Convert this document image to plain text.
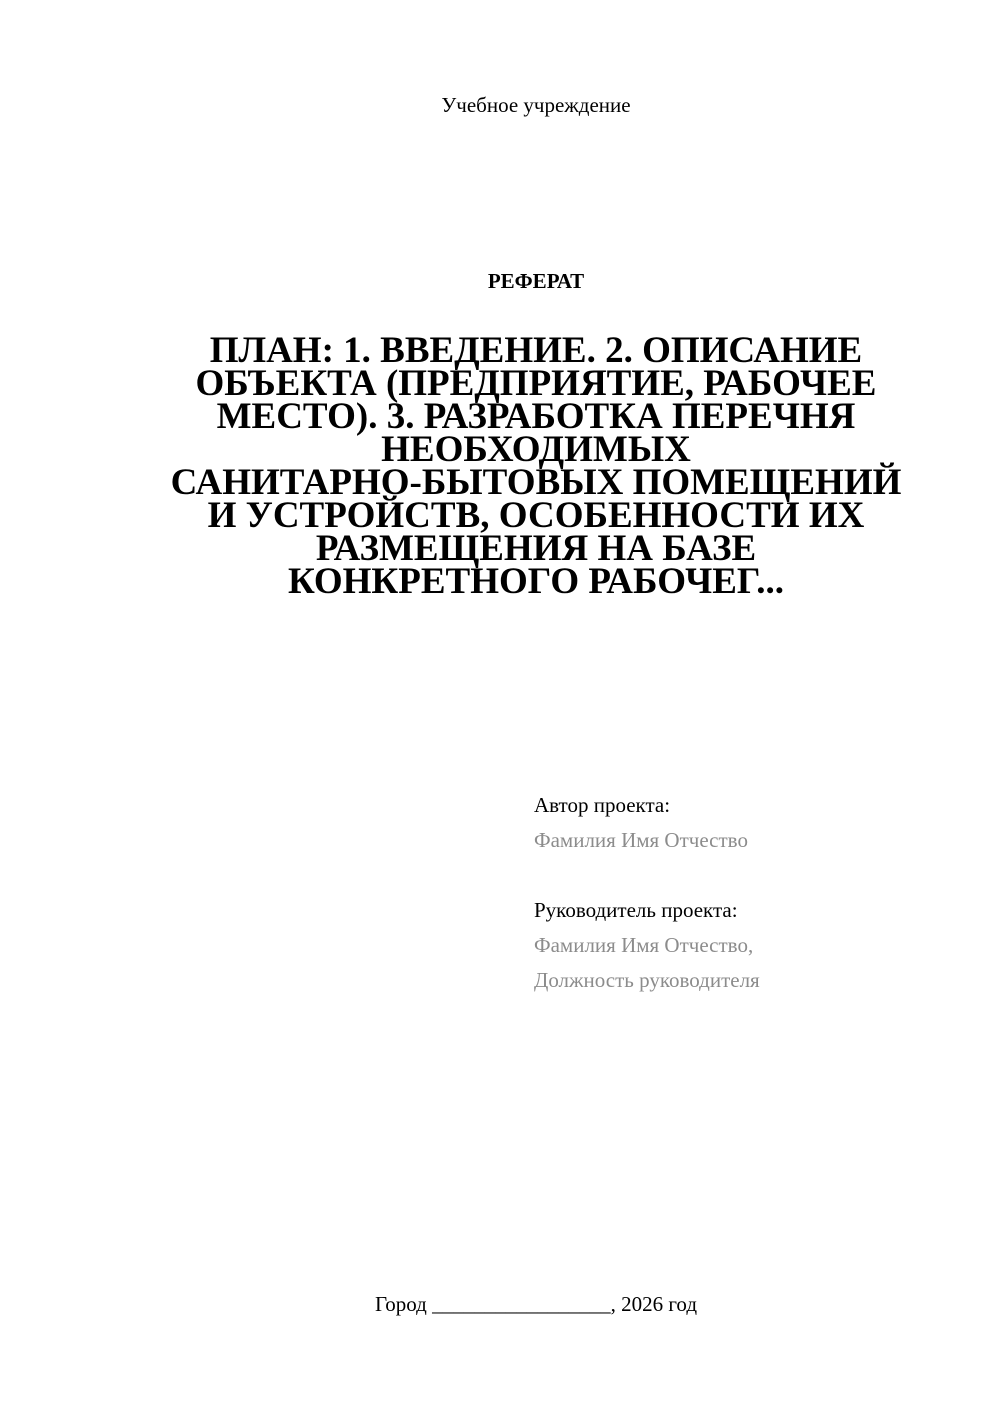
Учебное учреждение
РЕФЕРАТ
ПЛАН: 1. ВВЕДЕНИЕ. 2. ОПИСАНИЕ
ОБЪЕКТА (ПРЕДПРИЯТИЕ, РАБОЧЕЕ
МЕСТО). 3. РАЗРАБОТКА ПЕРЕЧНЯ
НЕОБХОДИМЫХ
САНИТАРНО-БЫТОВЫХ ПОМЕЩЕНИЙ
И УСТРОЙСТВ, ОСОБЕННОСТИ ИХ
РАЗМЕЩЕНИЯ НА БАЗЕ
КОНКРЕТНОГО РАБОЧЕГ...
Автор проекта:
Фамилия Имя Отчество
Руководитель проекта:
Фамилия Имя Отчество,
Должность руководителя
Город _________________, 2026 год
